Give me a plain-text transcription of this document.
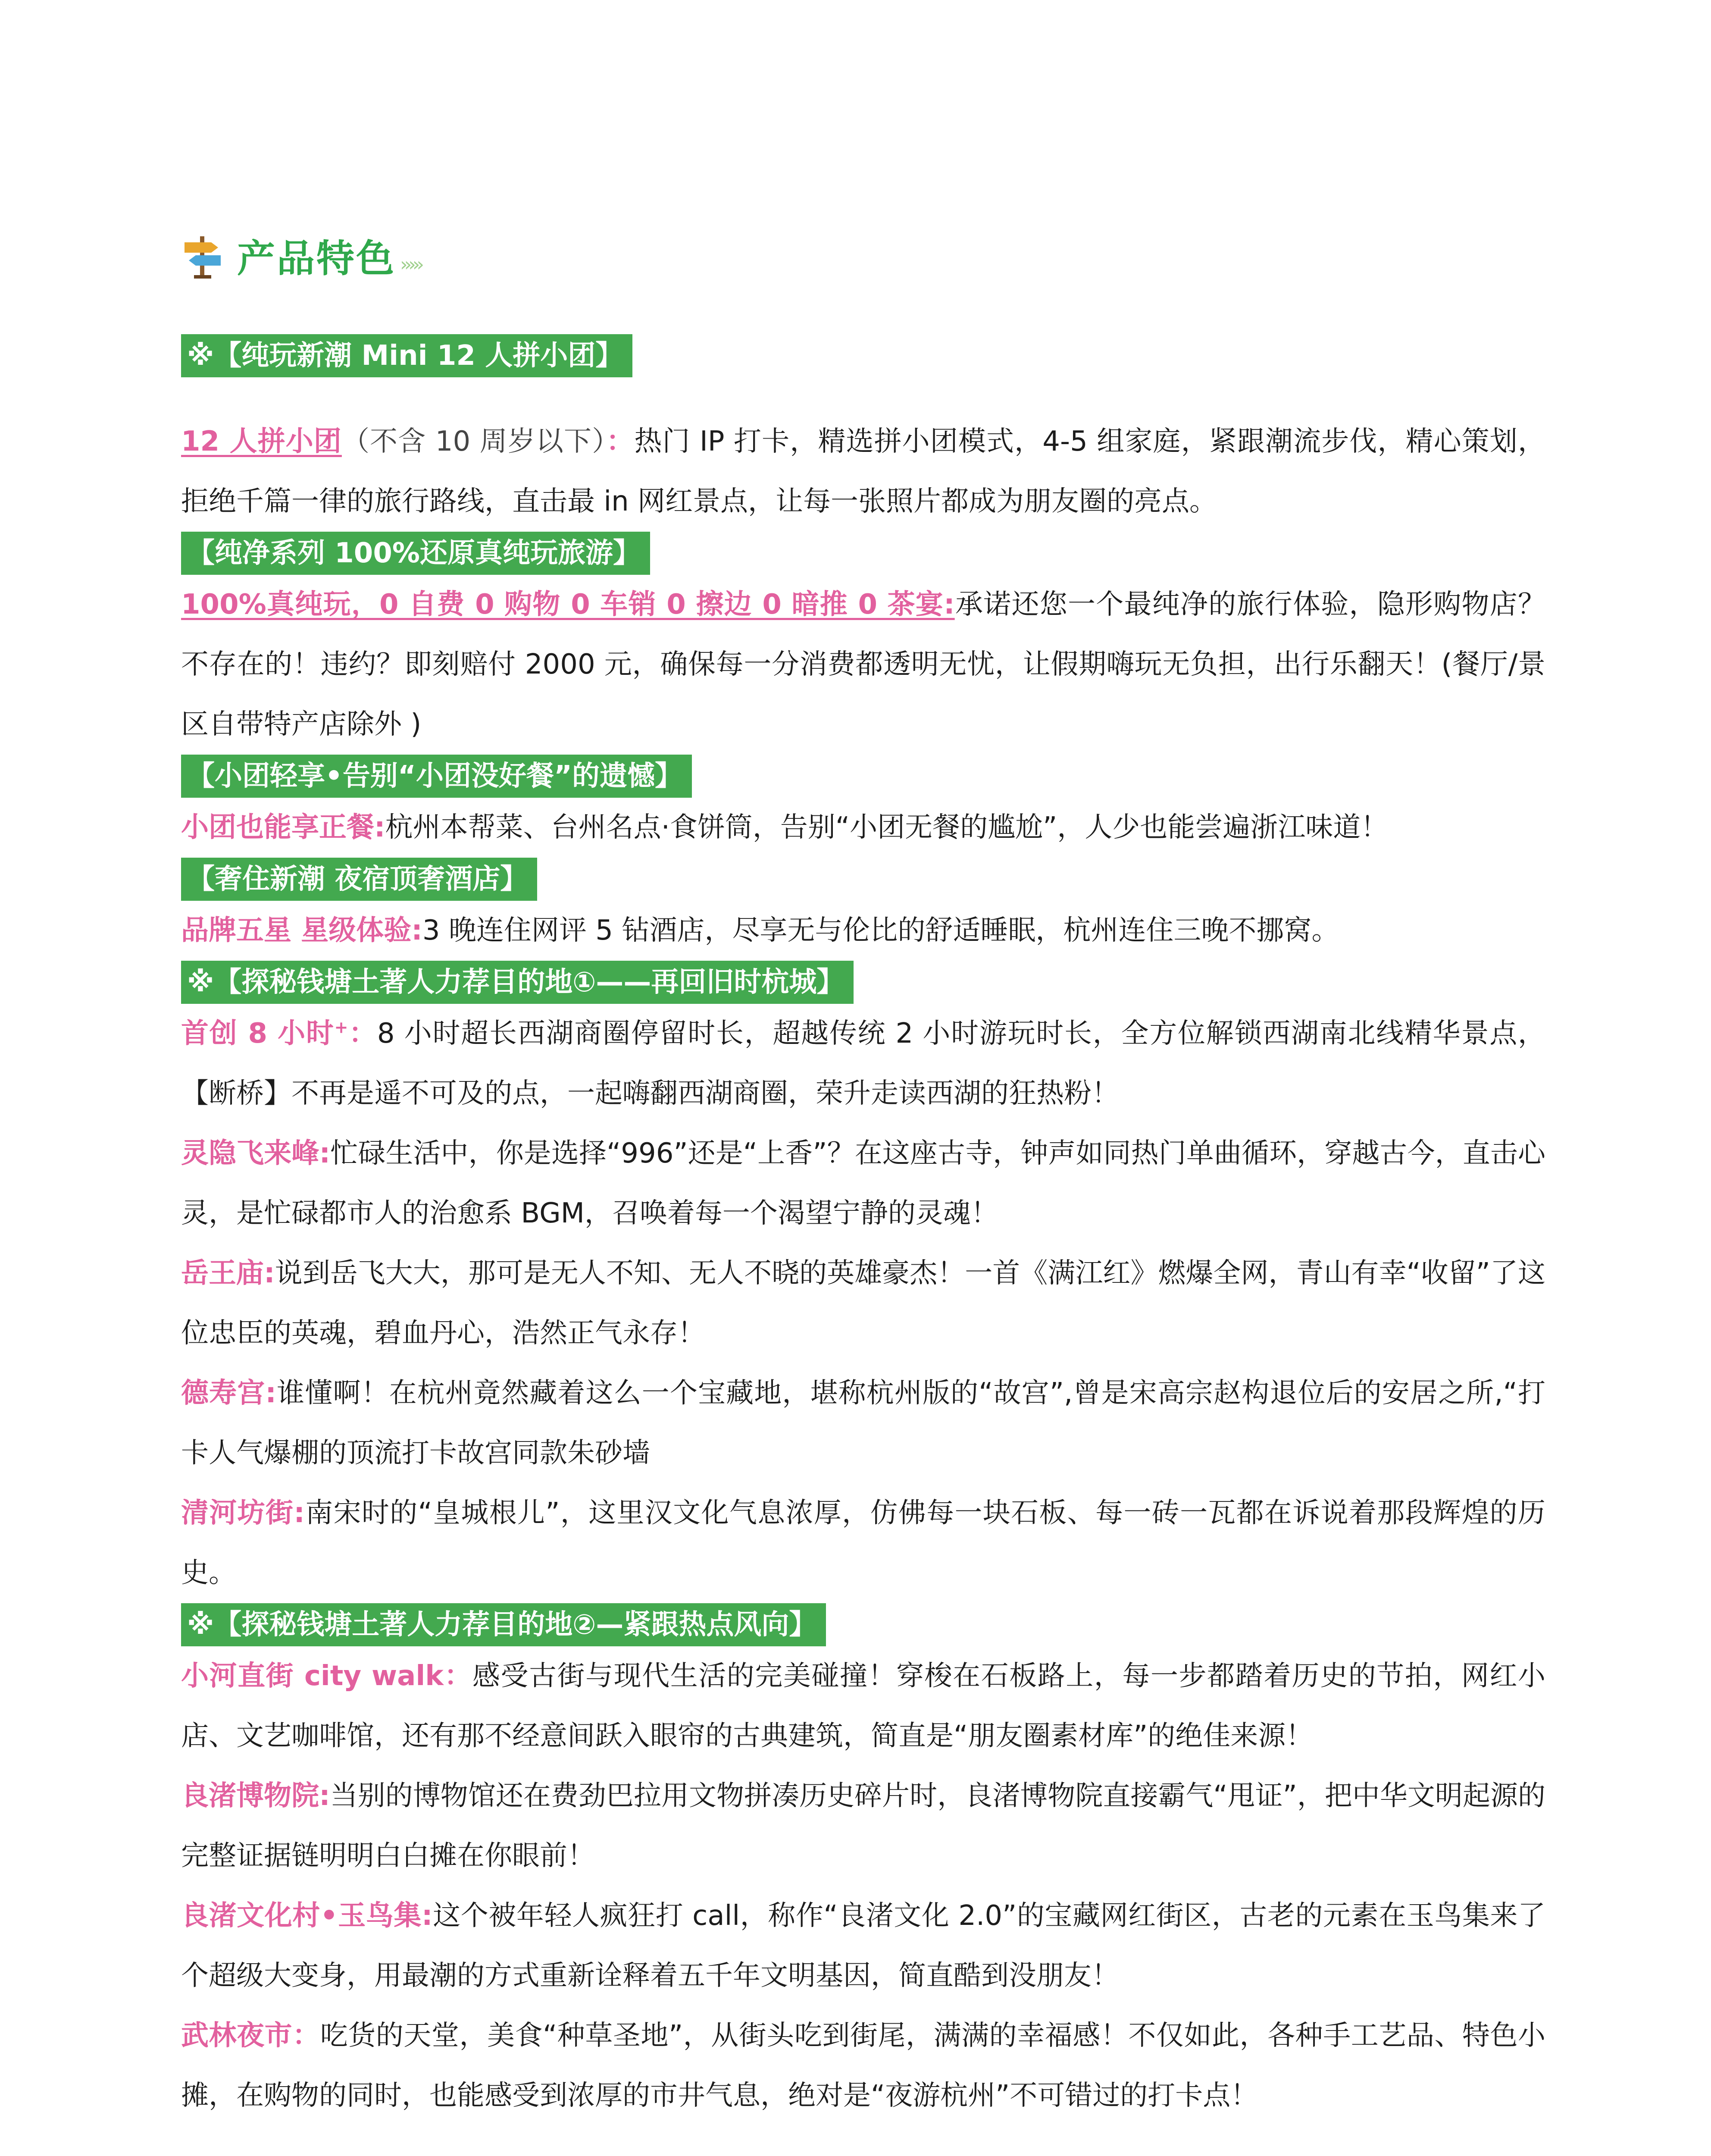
产品特色 ›››››
※【纯玩新潮 Mini 12 人拼小团】

12 人拼小团（不含 10 周岁以下）：热门 IP 打卡，精选拼小团模式，4-5 组家庭，紧跟潮流步伐，精心策划，拒绝千篇一律的旅行路线，直击最 in 网红景点，让每一张照片都成为朋友圈的亮点。

【纯净系列 100%还原真纯玩旅游】

100%真纯玩，0 自费 0 购物 0 车销 0 擦边 0 暗推 0 茶宴:承诺还您一个最纯净的旅行体验，隐形购物店？不存在的！违约？即刻赔付 2000 元，确保每一分消费都透明无忧，让假期嗨玩无负担，出行乐翻天！(餐厅/景区自带特产店除外 )

【小团轻享•告别“小团没好餐”的遗憾】

小团也能享正餐:杭州本帮菜、台州名点·食饼筒，告别“小团无餐的尴尬”，人少也能尝遍浙江味道！

【奢住新潮 夜宿顶奢酒店】

品牌五星 星级体验:3 晚连住网评 5 钻酒店，尽享无与伦比的舒适睡眠，杭州连住三晚不挪窝。

※【探秘钱塘土著人力荐目的地①——再回旧时杭城】

首创 8 小时+：8 小时超长西湖商圈停留时长，超越传统 2 小时游玩时长，全方位解锁西湖南北线精华景点，【断桥】不再是遥不可及的点，一起嗨翻西湖商圈，荣升走读西湖的狂热粉！

灵隐飞来峰:忙碌生活中，你是选择“996”还是“上香”？在这座古寺，钟声如同热门单曲循环，穿越古今，直击心灵，是忙碌都市人的治愈系 BGM，召唤着每一个渴望宁静的灵魂！

岳王庙:说到岳飞大大，那可是无人不知、无人不晓的英雄豪杰！一首《满江红》燃爆全网，青山有幸“收留”了这位忠臣的英魂，碧血丹心，浩然正气永存！

德寿宫:谁懂啊！在杭州竟然藏着这么一个宝藏地，堪称杭州版的“故宫”,曾是宋高宗赵构退位后的安居之所,“打卡人气爆棚的顶流打卡故宫同款朱砂墙

清河坊街:南宋时的“皇城根儿”，这里汉文化气息浓厚，仿佛每一块石板、每一砖一瓦都在诉说着那段辉煌的历史。

※【探秘钱塘土著人力荐目的地②—紧跟热点风向】

小河直街 city walk：感受古街与现代生活的完美碰撞！穿梭在石板路上，每一步都踏着历史的节拍，网红小店、文艺咖啡馆，还有那不经意间跃入眼帘的古典建筑，简直是“朋友圈素材库”的绝佳来源！

良渚博物院:当别的博物馆还在费劲巴拉用文物拼凑历史碎片时，良渚博物院直接霸气“甩证”，把中华文明起源的完整证据链明明白白摊在你眼前！

良渚文化村•玉鸟集:这个被年轻人疯狂打 call，称作“良渚文化 2.0”的宝藏网红街区，古老的元素在玉鸟集来了个超级大变身，用最潮的方式重新诠释着五千年文明基因，简直酷到没朋友！

武林夜市：吃货的天堂，美食“种草圣地”，从街头吃到街尾，满满的幸福感！不仅如此，各种手工艺品、特色小摊，在购物的同时，也能感受到浓厚的市井气息，绝对是“夜游杭州”不可错过的打卡点！
